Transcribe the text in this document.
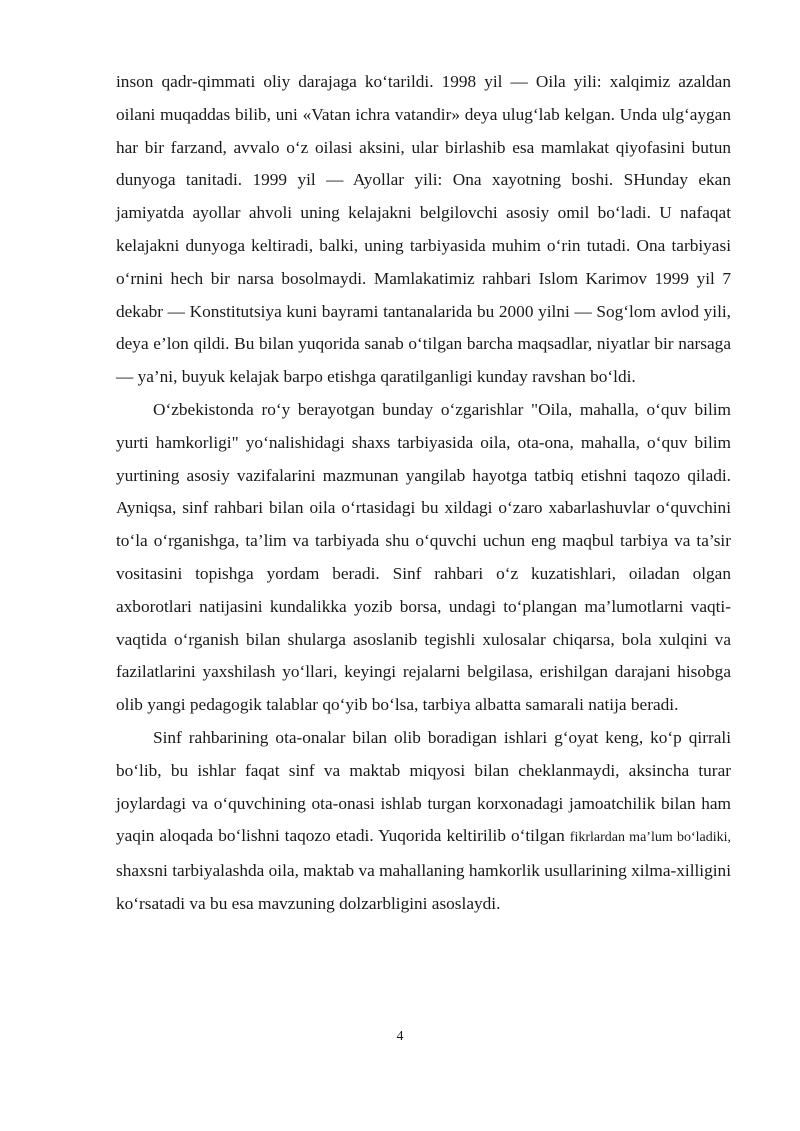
inson qadr-qimmati oliy darajaga ko‘tarildi. 1998 yil — Oila yili: xalqimiz azaldan oilani muqaddas bilib, uni «Vatan ichra vatandir» deya ulug‘lab kelgan. Unda ulg‘aygan har bir farzand, avvalo o‘z oilasi aksini, ular birlashib esa mamlakat qiyofasini butun dunyoga tanitadi. 1999 yil — Ayollar yili: Ona xayotning boshi. SHunday ekan jamiyatda ayollar ahvoli uning kelajakni belgilovchi asosiy omil bo‘ladi. U nafaqat kelajakni dunyoga keltiradi, balki, uning tarbiyasida muhim o‘rin tutadi. Ona tarbiyasi o‘rnini hech bir narsa bosolmaydi. Mamlakatimiz rahbari Islom Karimov 1999 yil 7 dekabr — Konstitutsiya kuni bayrami tantanalarida bu 2000 yilni — Sog‘lom avlod yili, deya e’lon qildi. Bu bilan yuqorida sanab o‘tilgan barcha maqsadlar, niyatlar bir narsaga — ya’ni, buyuk kelajak barpo etishga qaratilganligi kunday ravshan bo‘ldi.

O‘zbekistonda ro‘y berayotgan bunday o‘zgarishlar "Oila, mahalla, o‘quv bilim yurti hamkorligi" yo‘nalishidagi shaxs tarbiyasida oila, ota-ona, mahalla, o‘quv bilim yurtining asosiy vazifalarini mazmunan yangilab hayotga tatbiq etishni taqozo qiladi. Ayniqsa, sinf rahbari bilan oila o‘rtasidagi bu xildagi o‘zaro xabarlashuvlar o‘quvchini to‘la o‘rganishga, ta’lim va tarbiyada shu o‘quvchi uchun eng maqbul tarbiya va ta’sir vositasini topishga yordam beradi. Sinf rahbari o‘z kuzatishlari, oiladan olgan axborotlari natijasini kundalikka yozib borsa, undagi to‘plangan ma’lumotlarni vaqti-vaqtida o‘rganish bilan shularga asoslanib tegishli xulosalar chiqarsa, bola xulqini va fazilatlarini yaxshilash yo‘llari, keyingi rejalarni belgilasa, erishilgan darajani hisobga olib yangi pedagogik talablar qo‘yib bo‘lsa, tarbiya albatta samarali natija beradi.

Sinf rahbarining ota-onalar bilan olib boradigan ishlari g‘oyat keng, ko‘p qirrali bo‘lib, bu ishlar faqat sinf va maktab miqyosi bilan cheklanmaydi, aksincha turar joylardagi va o‘quvchining ota-onasi ishlab turgan korxonadagi jamoatchilik bilan ham yaqin aloqada bo‘lishni taqozo etadi. Yuqorida keltirilib o‘tilgan fikrlardan ma’lum bo‘ladiki, shaxsni tarbiyalashda oila, maktab va mahallaning hamkorlik usullarining xilma-xilligini ko‘rsatadi va bu esa mavzuning dolzarbligini asoslaydi.

4
